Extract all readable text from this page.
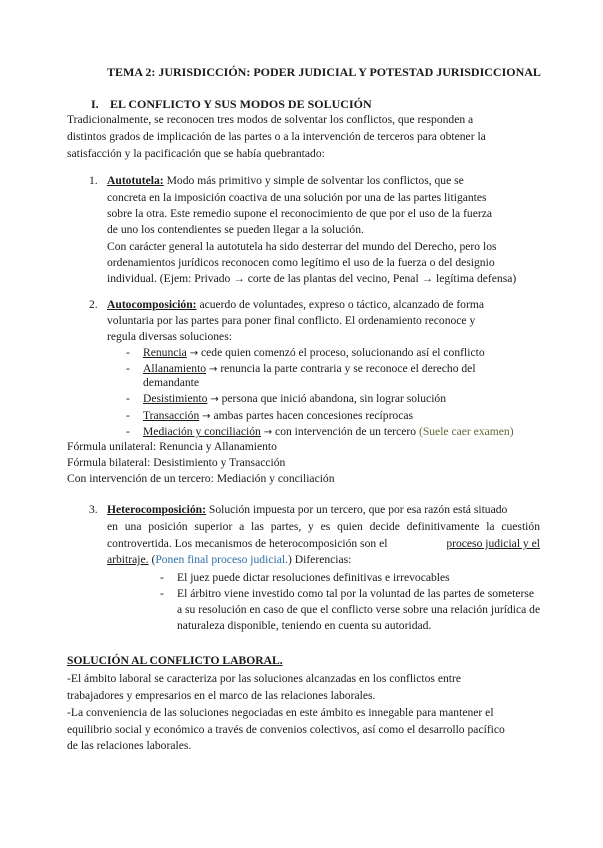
TEMA 2: JURISDICCIÓN: PODER JUDICIAL Y POTESTAD JURISDICCIONAL
I. EL CONFLICTO Y SUS MODOS DE SOLUCIÓN
Tradicionalmente, se reconocen tres modos de solventar los conflictos, que responden a
distintos grados de implicación de las partes o a la intervención de terceros para obtener la
satisfacción y la pacificación que se había quebrantado:
1. Autotutela: Modo más primitivo y simple de solventar los conflictos, que se
concreta en la imposición coactiva de una solución por una de las partes litigantes
sobre la otra. Este remedio supone el reconocimiento de que por el uso de la fuerza
de uno los contendientes se pueden llegar a la solución.
Con carácter general la autotutela ha sido desterrar del mundo del Derecho, pero los
ordenamientos jurídicos reconocen como legítimo el uso de la fuerza o del designio
individual. (Ejem: Privado → corte de las plantas del vecino, Penal → legítima defensa)
2. Autocomposición: acuerdo de voluntades, expreso o táctico, alcanzado de forma
voluntaria por las partes para poner final conflicto. El ordenamiento reconoce y
regula diversas soluciones:
- Renuncia → cede quien comenzó el proceso, solucionando así el conflicto
- Allanamiento → renuncia la parte contraria y se reconoce el derecho del
demandante
- Desistimiento → persona que inició abandona, sin lograr solución
- Transacción → ambas partes hacen concesiones recíprocas
- Mediación y conciliación → con intervención de un tercero (Suele caer examen)
Fórmula unilateral: Renuncia y Allanamiento
Fórmula bilateral: Desistimiento y Transacción
Con intervención de un tercero: Mediación y conciliación
3. Heterocomposición: Solución impuesta por un tercero, que por esa razón está situado
en una posición superior a las partes, y es quien decide definitivamente la cuestión
controvertida. Los mecanismos de heterocomposición son el	proceso judicial y el
arbitraje. (Ponen final proceso judicial.) Diferencias:
- El juez puede dictar resoluciones definitivas e irrevocables
- El árbitro viene investido como tal por la voluntad de las partes de someterse
a su resolución en caso de que el conflicto verse sobre una relación jurídica de
naturaleza disponible, teniendo en cuenta su autoridad.
SOLUCIÓN AL CONFLICTO LABORAL.
-El ámbito laboral se caracteriza por las soluciones alcanzadas en los conflictos entre
trabajadores y empresarios en el marco de las relaciones laborales.
-La conveniencia de las soluciones negociadas en este ámbito es innegable para mantener el
equilibrio social y económico a través de convenios colectivos, así como el desarrollo pacífico
de las relaciones laborales.
